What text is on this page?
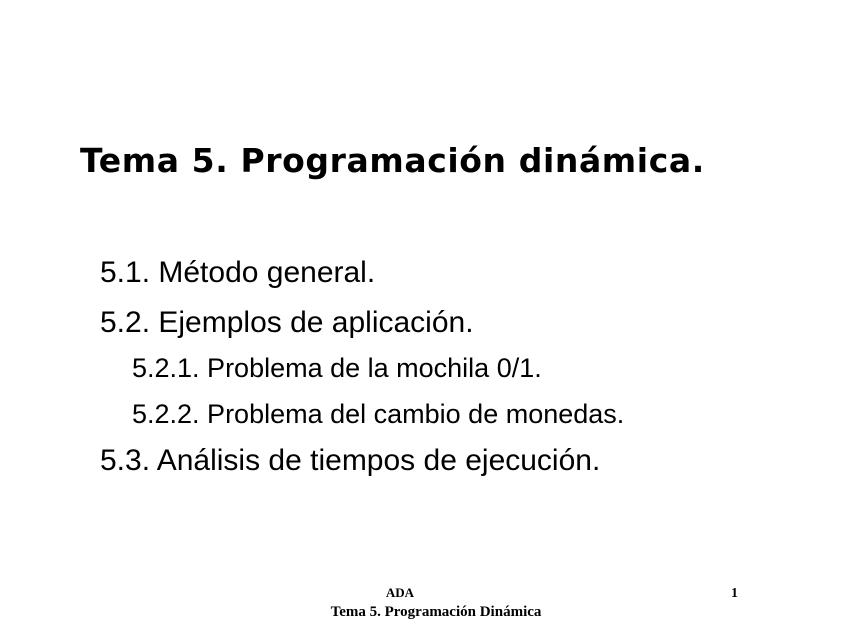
Tema 5. Programación dinámica.

5.1. Método general.

5.2. Ejemplos de aplicación.

5.2.1. Problema de la mochila 0/1.

5.2.2. Problema del cambio de monedas.

5.3. Análisis de tiempos de ejecución.

ADA

Tema 5. Programación Dinámica

1
